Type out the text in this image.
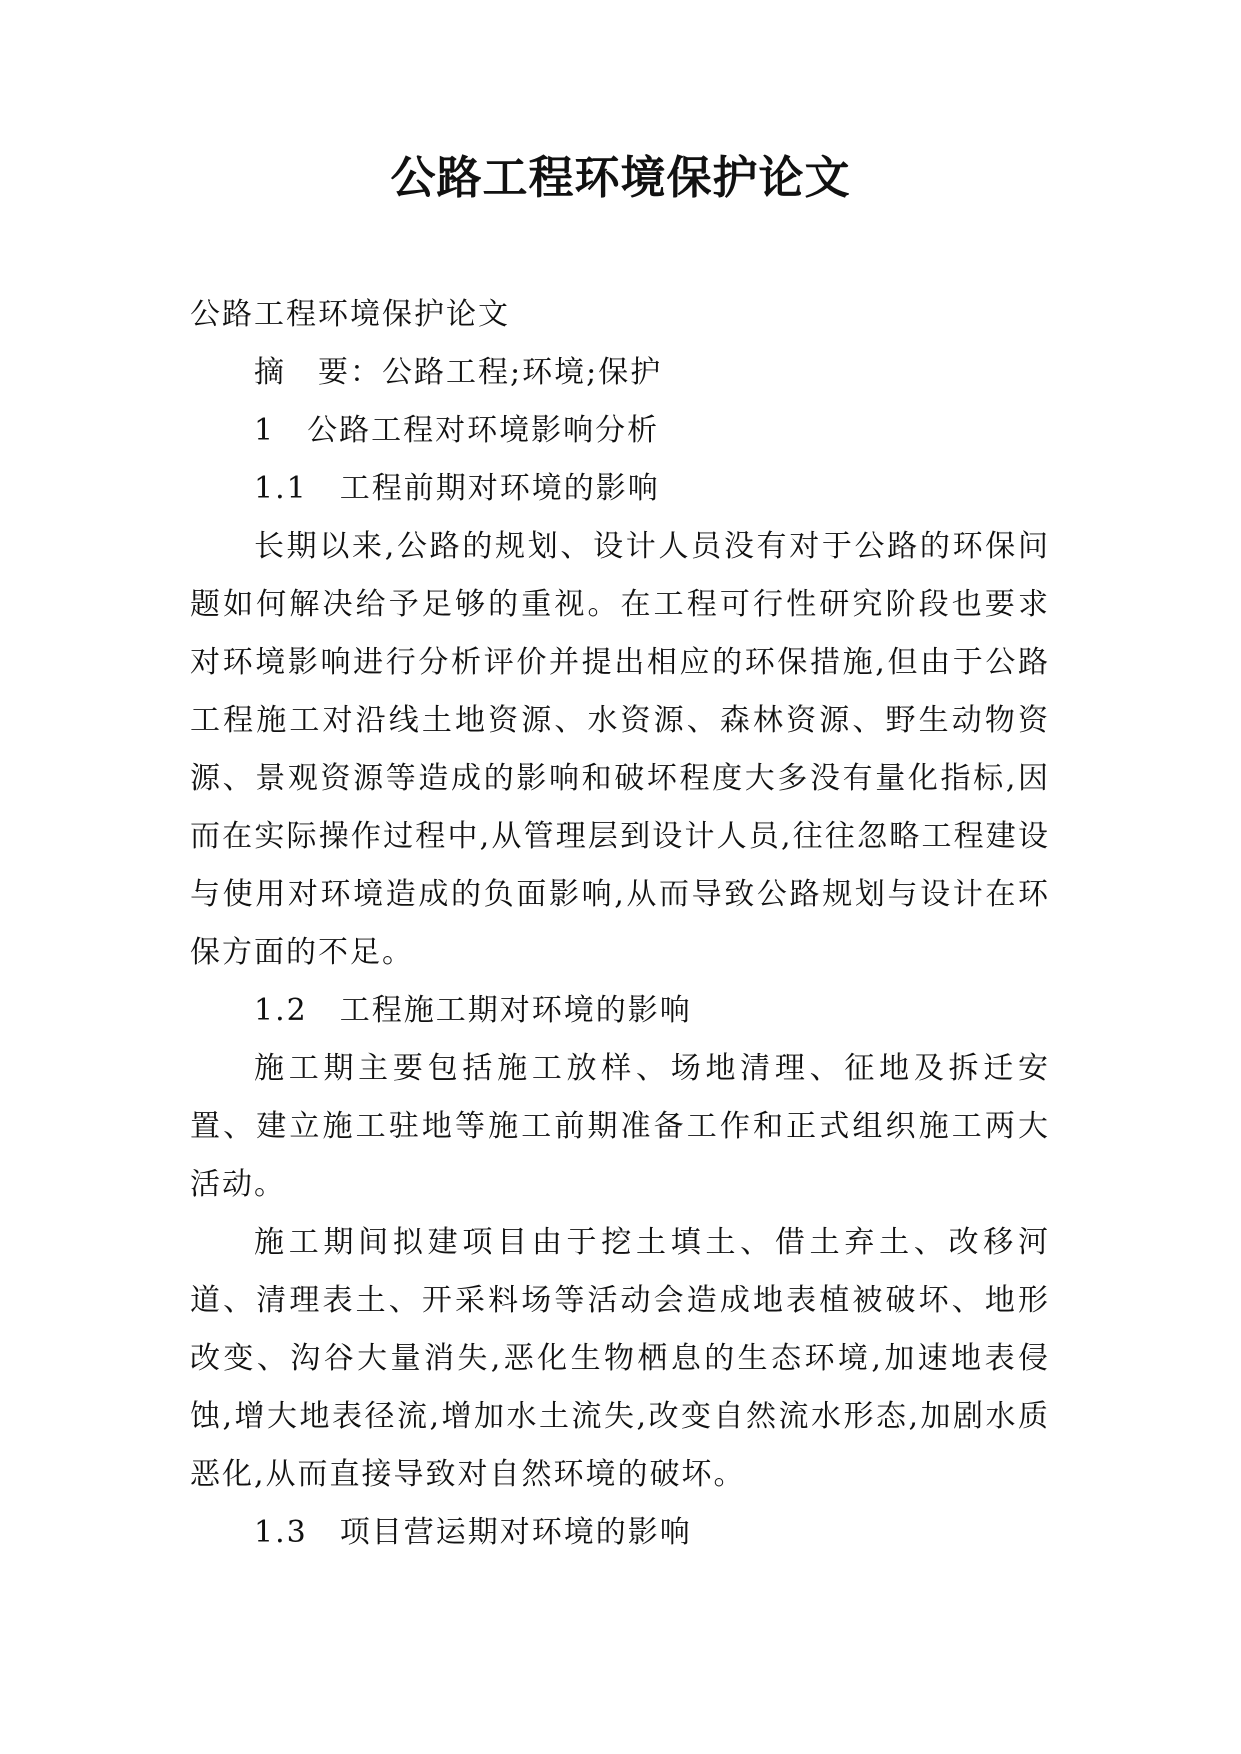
公路工程环境保护论文

公路工程环境保护论文

摘　要：公路工程;环境;保护

1　公路工程对环境影响分析

1.1　工程前期对环境的影响

长期以来,公路的规划、设计人员没有对于公路的环保问题如何解决给予足够的重视。在工程可行性研究阶段也要求对环境影响进行分析评价并提出相应的环保措施,但由于公路工程施工对沿线土地资源、水资源、森林资源、野生动物资源、景观资源等造成的影响和破坏程度大多没有量化指标,因而在实际操作过程中,从管理层到设计人员,往往忽略工程建设与使用对环境造成的负面影响,从而导致公路规划与设计在环保方面的不足。

1.2　工程施工期对环境的影响

施工期主要包括施工放样、场地清理、征地及拆迁安置、建立施工驻地等施工前期准备工作和正式组织施工两大活动。

施工期间拟建项目由于挖土填土、借土弃土、改移河道、清理表土、开采料场等活动会造成地表植被破坏、地形改变、沟谷大量消失,恶化生物栖息的生态环境,加速地表侵蚀,增大地表径流,增加水土流失,改变自然流水形态,加剧水质恶化,从而直接导致对自然环境的破坏。

1.3　项目营运期对环境的影响
